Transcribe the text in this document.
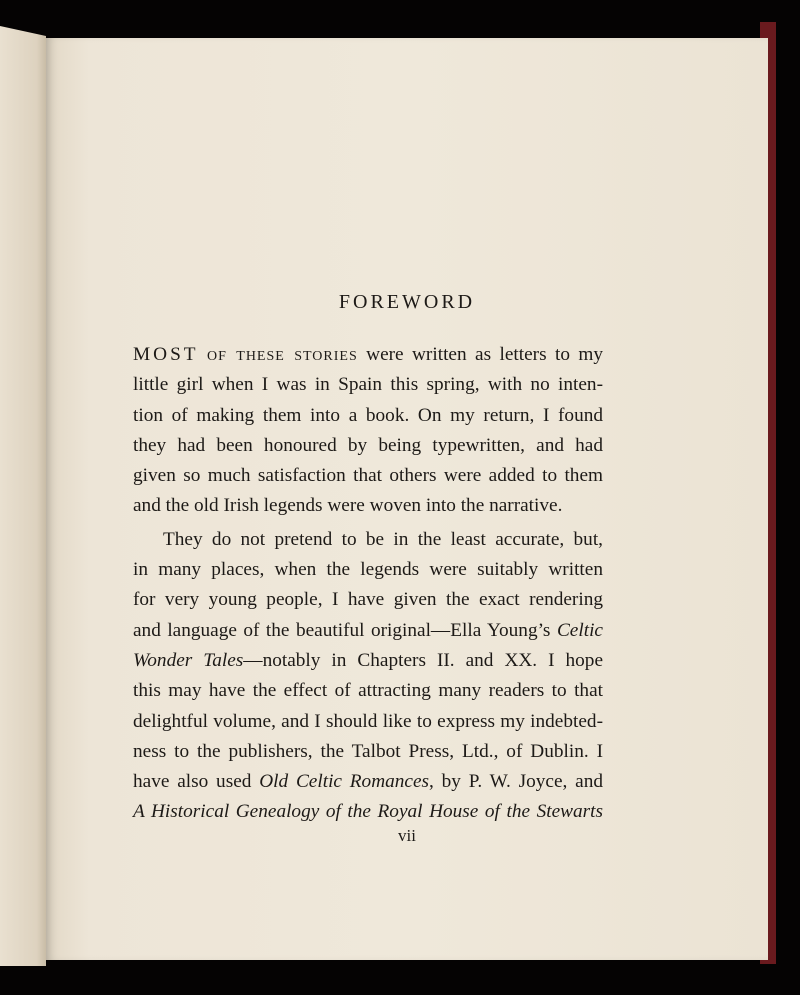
FOREWORD
MOST of these stories were written as letters to my
little girl when I was in Spain this spring, with no inten-
tion of making them into a book. On my return, I found
they had been honoured by being typewritten, and had
given so much satisfaction that others were added to them
and the old Irish legends were woven into the narrative.
They do not pretend to be in the least accurate, but,
in many places, when the legends were suitably written
for very young people, I have given the exact rendering
and language of the beautiful original—Ella Young’s Celtic
Wonder Tales—notably in Chapters II. and XX. I hope
this may have the effect of attracting many readers to that
delightful volume, and I should like to express my indebted-
ness to the publishers, the Talbot Press, Ltd., of Dublin. I
have also used Old Celtic Romances, by P. W. Joyce, and
A Historical Genealogy of the Royal House of the Stewarts
vii
